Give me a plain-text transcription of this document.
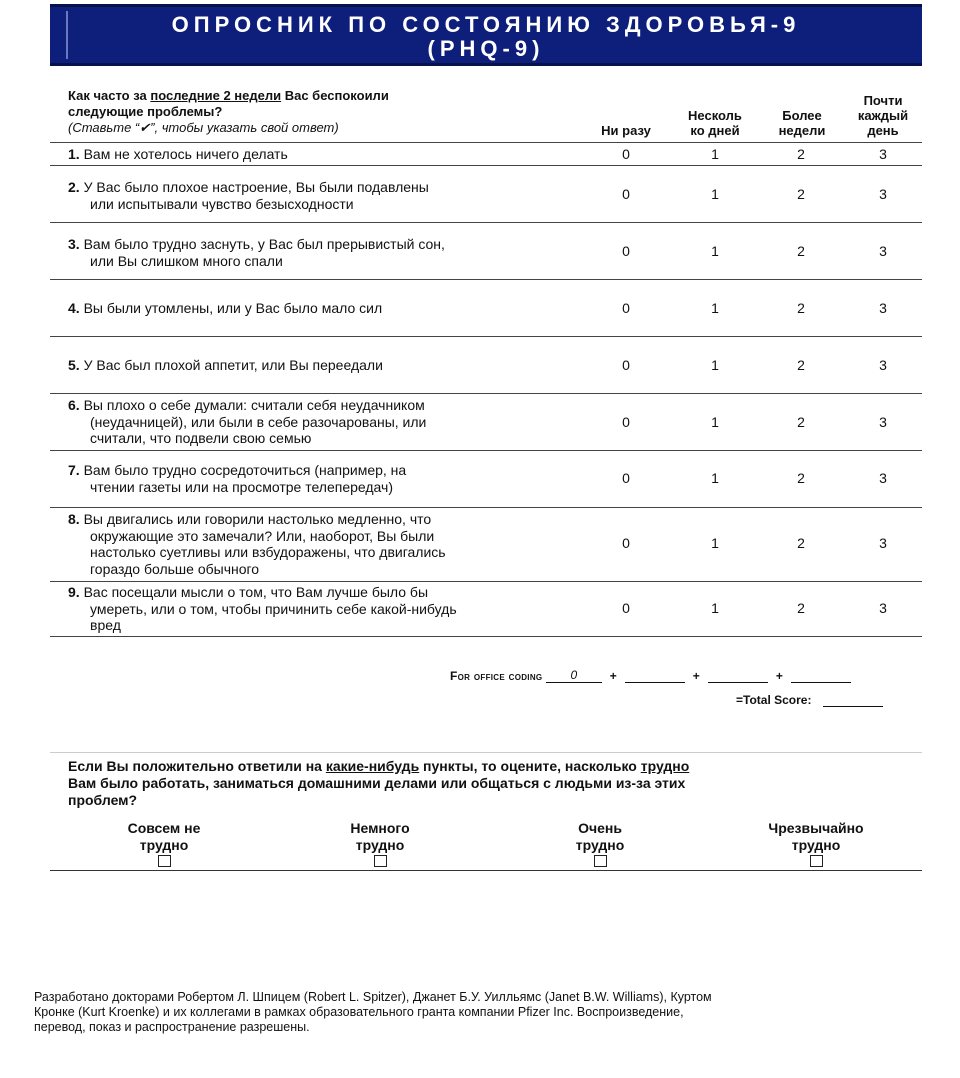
ОПРОСНИК ПО СОСТОЯНИЮ ЗДОРОВЬЯ-9
(PHQ-9)
Как часто за последние 2 недели Вас беспокоили
следующие проблемы?
(Ставьте “✔”, чтобы указать свой ответ)

	Ни разу

Несколь
ко дней

Более
недели
Почти
каждый
день
1. Вам не хотелось ничего делать	0	1	2	3
2. У Вас было плохое настроение, Вы были подавлены
или испытывали чувство безысходности
0	1	2	3
3. Вам было трудно заснуть, у Вас был прерывистый сон,
или Вы слишком много спали
0	1	2	3
4. Вы были утомлены, или у Вас было мало сил	0	1	2	3
5. У Вас был плохой аппетит, или Вы переедали	0	1	2	3
6. Вы плохо о себе думали: считали себя неудачником
(неудачницей), или были в себе разочарованы, или
считали, что подвели свою семью
0	1	2	3
7. Вам было трудно сосредоточиться (например, на
чтении газеты или на просмотре телепередач)
0	1	2	3
8. Вы двигались или говорили настолько медленно, что
окружающие это замечали? Или, наоборот, Вы были
настолько суетливы или взбудоражены, что двигались
гораздо больше обычного
0	1	2	3
9. Вас посещали мысли о том, что Вам лучше было бы
умереть, или о том, чтобы причинить себе какой-нибудь
вред
0	1	2	3
For office coding 0	+	+	+
=Total Score:
Если Вы положительно ответили на какие-нибудь пункты, то оцените, насколько трудно
Вам было работать, заниматься домашними делами или общаться с людьми из-за этих
проблем?
Совсем не
трудно
Немного
трудно
Очень
трудно
Чрезвычайно
трудно
Разработано докторами Робертом Л. Шпицем (Robert L. Spitzer), Джанет Б.У. Уилльямс (Janet B.W. Williams), Куртом
Кронке (Kurt Kroenke) и их коллегами в рамках образовательного гранта компании Pfizer Inc. Воспроизведение,
перевод, показ и распространение разрешены.
